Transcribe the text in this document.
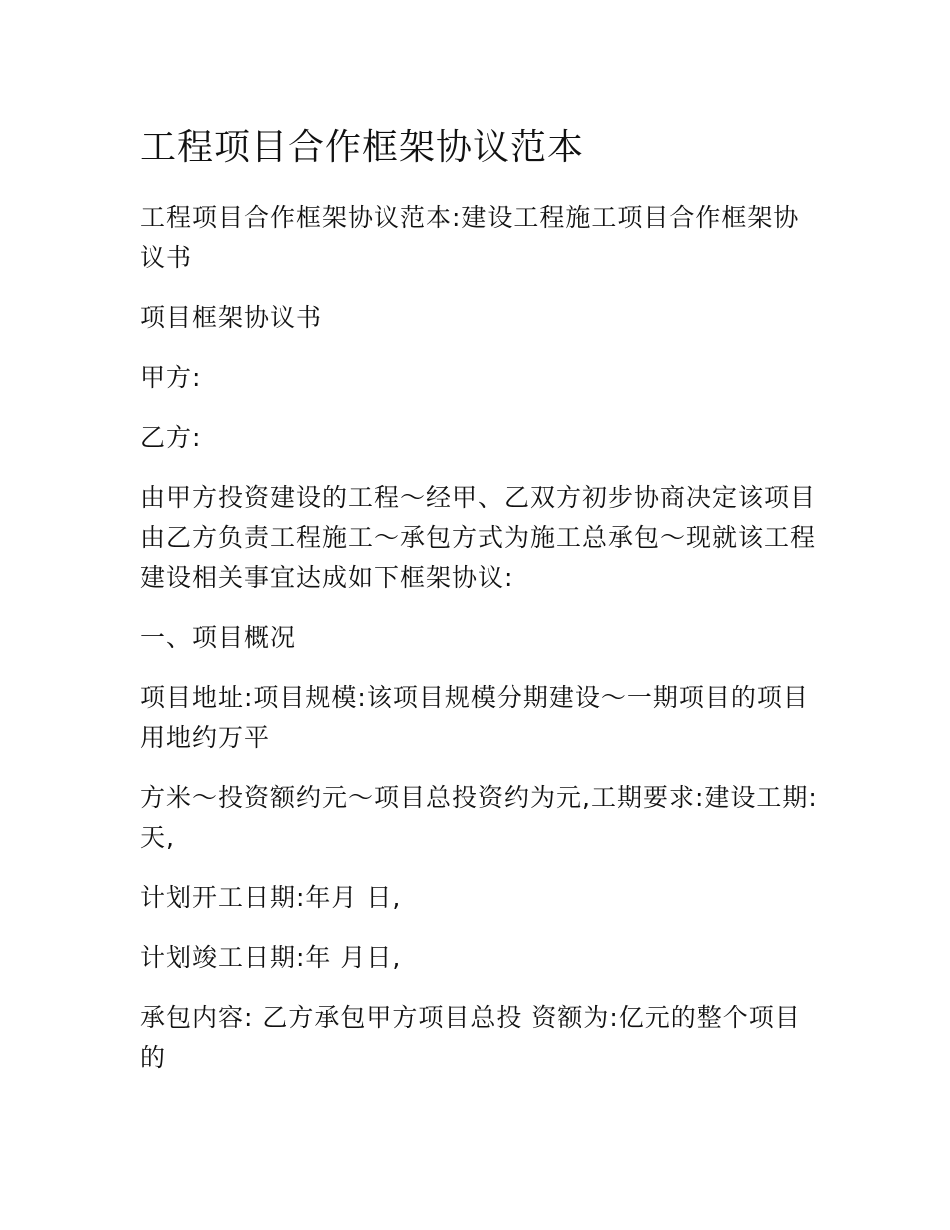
工程项目合作框架协议范本

工程项目合作框架协议范本:建设工程施工项目合作框架协议书

项目框架协议书

甲方:

乙方:

由甲方投资建设的工程～经甲、乙双方初步协商决定该项目由乙方负责工程施工～承包方式为施工总承包～现就该工程建设相关事宜达成如下框架协议:

一、项目概况

项目地址:项目规模:该项目规模分期建设～一期项目的项目用地约万平

方米～投资额约元～项目总投资约为元,工期要求:建设工期:天,

计划开工日期:年月 日,

计划竣工日期:年 月日,

承包内容: 乙方承包甲方项目总投 资额为:亿元的整个项目的
